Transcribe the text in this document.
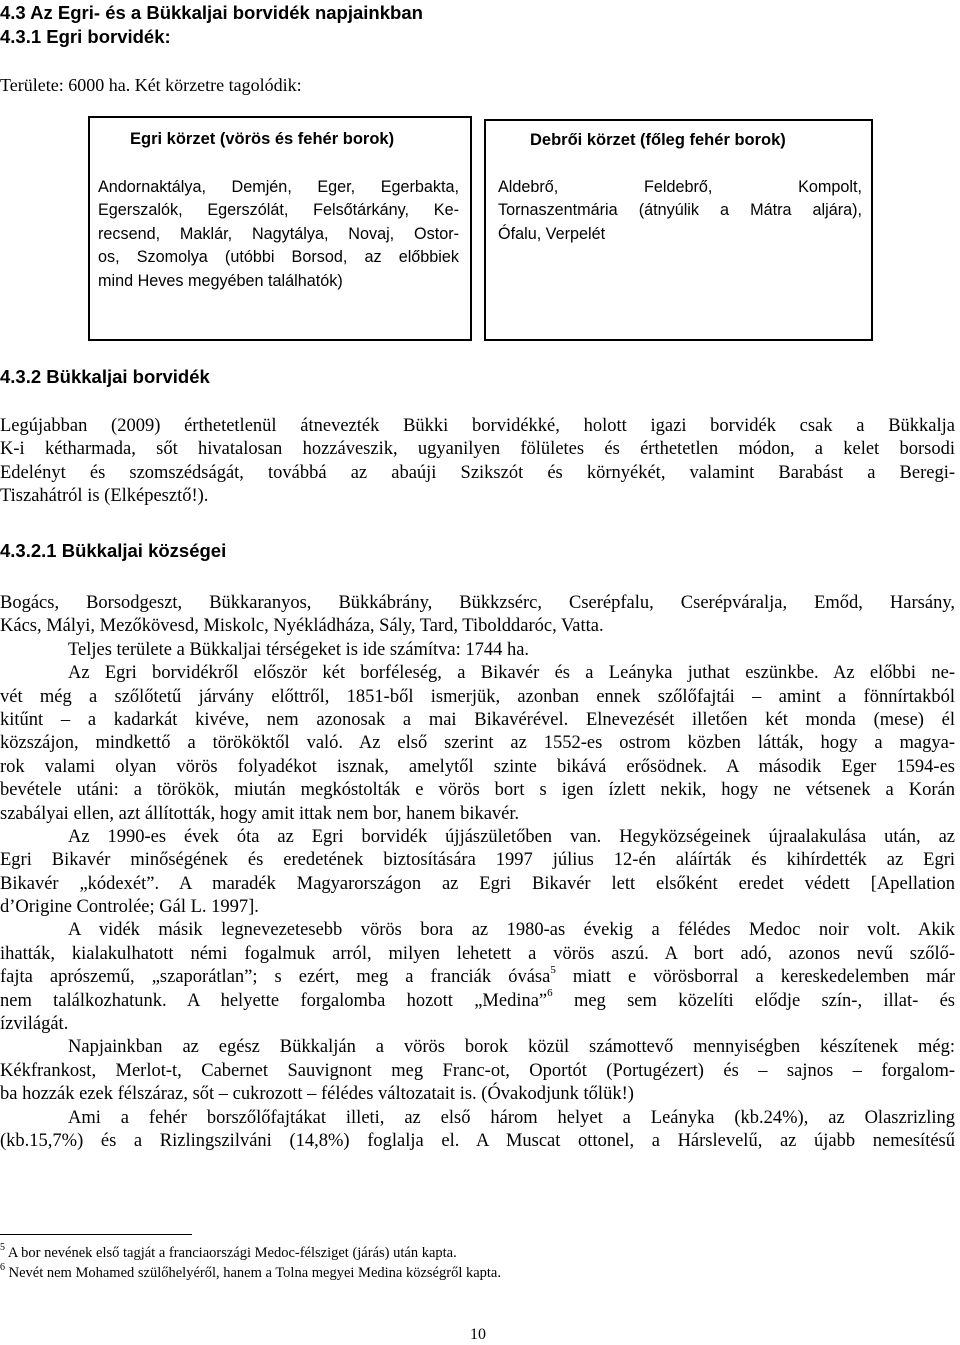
4.3 Az Egri- és a Bükkaljai borvidék napjainkban
4.3.1 Egri borvidék:
Területe: 6000 ha. Két körzetre tagolódik:
Egri körzet (vörös és fehér borok)
Andornaktálya, Demjén, Eger, Egerbakta,
Egerszalók, Egerszólát, Felsőtárkány, Ke-
recsend, Maklár, Nagytálya, Novaj, Ostor-
os, Szomolya (utóbbi Borsod, az előbbiek
mind Heves megyében találhatók)
Debrői körzet (főleg fehér borok)
Aldebrő, Feldebrő, Kompolt,
Tornaszentmária (átnyúlik a Mátra aljára),
Ófalu, Verpelét
4.3.2 Bükkaljai borvidék
Legújabban (2009) érthetetlenül átnevezték Bükki borvidékké, holott igazi borvidék csak a Bükkalja
K-i kétharmada, sőt hivatalosan hozzáveszik, ugyanilyen fölületes és érthetetlen módon, a kelet borsodi
Edelényt és szomszédságát, továbbá az abaúji Szikszót és környékét, valamint Barabást a Beregi-
Tiszahátról is (Elképesztő!).
4.3.2.1 Bükkaljai községei
Bogács, Borsodgeszt, Bükkaranyos, Bükkábrány, Bükkzsérc, Cserépfalu, Cserépváralja, Emőd, Harsány,
Kács, Mályi, Mezőkövesd, Miskolc, Nyékládháza, Sály, Tard, Tibolddaróc, Vatta.
Teljes területe a Bükkaljai térségeket is ide számítva: 1744 ha.
Az Egri borvidékről először két borféleség, a Bikavér és a Leányka juthat eszünkbe. Az előbbi ne-
vét még a szőlőtetű járvány előttről, 1851-ből ismerjük, azonban ennek szőlőfajtái – amint a fönnírtakból
kitűnt – a kadarkát kivéve, nem azonosak a mai Bikavérével. Elnevezését illetően két monda (mese) él
közszájon, mindkettő a törököktől való. Az első szerint az 1552-es ostrom közben látták, hogy a magya-
rok valami olyan vörös folyadékot isznak, amelytől szinte bikává erősödnek. A második Eger 1594-es
bevétele utáni: a törökök, miután megkóstolták e vörös bort s igen ízlett nekik, hogy ne vétsenek a Korán
szabályai ellen, azt állították, hogy amit ittak nem bor, hanem bikavér.
Az 1990-es évek óta az Egri borvidék újjászületőben van. Hegyközségeinek újraalakulása után, az
Egri Bikavér minőségének és eredetének biztosítására 1997 július 12-én aláírták és kihírdették az Egri
Bikavér „kódexét”. A maradék Magyarországon az Egri Bikavér lett elsőként eredet védett [Apellation
d’Origine Controlée; Gál L. 1997].
A vidék másik legnevezetesebb vörös bora az 1980-as évekig a félédes Medoc noir volt. Akik
ihatták, kialakulhatott némi fogalmuk arról, milyen lehetett a vörös aszú. A bort adó, azonos nevű szőlő-
fajta aprószemű, „szaporátlan”; s ezért, meg a franciák óvása$^5$ miatt e vörösborral a kereskedelemben már
nem találkozhatunk. A helyette forgalomba hozott „Medina”$^6$ meg sem közelíti elődje szín-, illat- és
ízvilágát.
Napjainkban az egész Bükkalján a vörös borok közül számottevő mennyiségben készítenek még:
Kékfrankost, Merlot-t, Cabernet Sauvignont meg Franc-ot, Oportót (Portugézert) és – sajnos – forgalom-
ba hozzák ezek félszáraz, sőt – cukrozott – félédes változatait is. (Óvakodjunk tőlük!)
Ami a fehér borszőlőfajtákat illeti, az első három helyet a Leányka (kb.24%), az Olaszrizling
(kb.15,7%) és a Rizlingszilváni (14,8%) foglalja el. A Muscat ottonel, a Hárslevelű, az újabb nemesítésű
$^5$ A bor nevének első tagját a franciaországi Medoc-félsziget (járás) után kapta.
$^6$ Nevét nem Mohamed szülőhelyéről, hanem a Tolna megyei Medina községről kapta.
10
